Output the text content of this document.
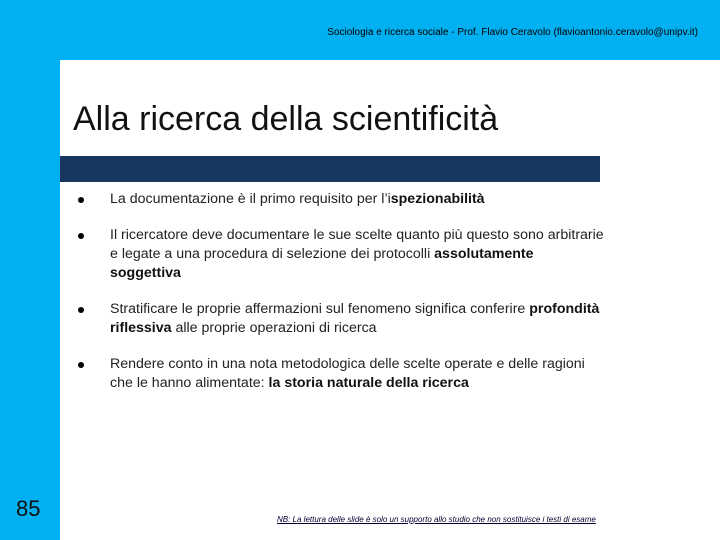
Sociologia e ricerca sociale - Prof. Flavio Ceravolo (flavioantonio.ceravolo@unipv.it)
Alla ricerca della scientificità
La documentazione è il primo requisito per l’ispezionabilità
Il ricercatore deve documentare le sue scelte quanto più questo sono arbitrarie e legate a una procedura di selezione dei protocolli assolutamente soggettiva
Stratificare le proprie affermazioni sul fenomeno significa conferire profondità riflessiva alle proprie operazioni di ricerca
Rendere conto in una nota metodologica delle scelte operate e delle ragioni che le hanno alimentate: la storia naturale della ricerca
85	NB: La lettura delle slide è solo un supporto allo studio che non sostituisce i testi di esame
